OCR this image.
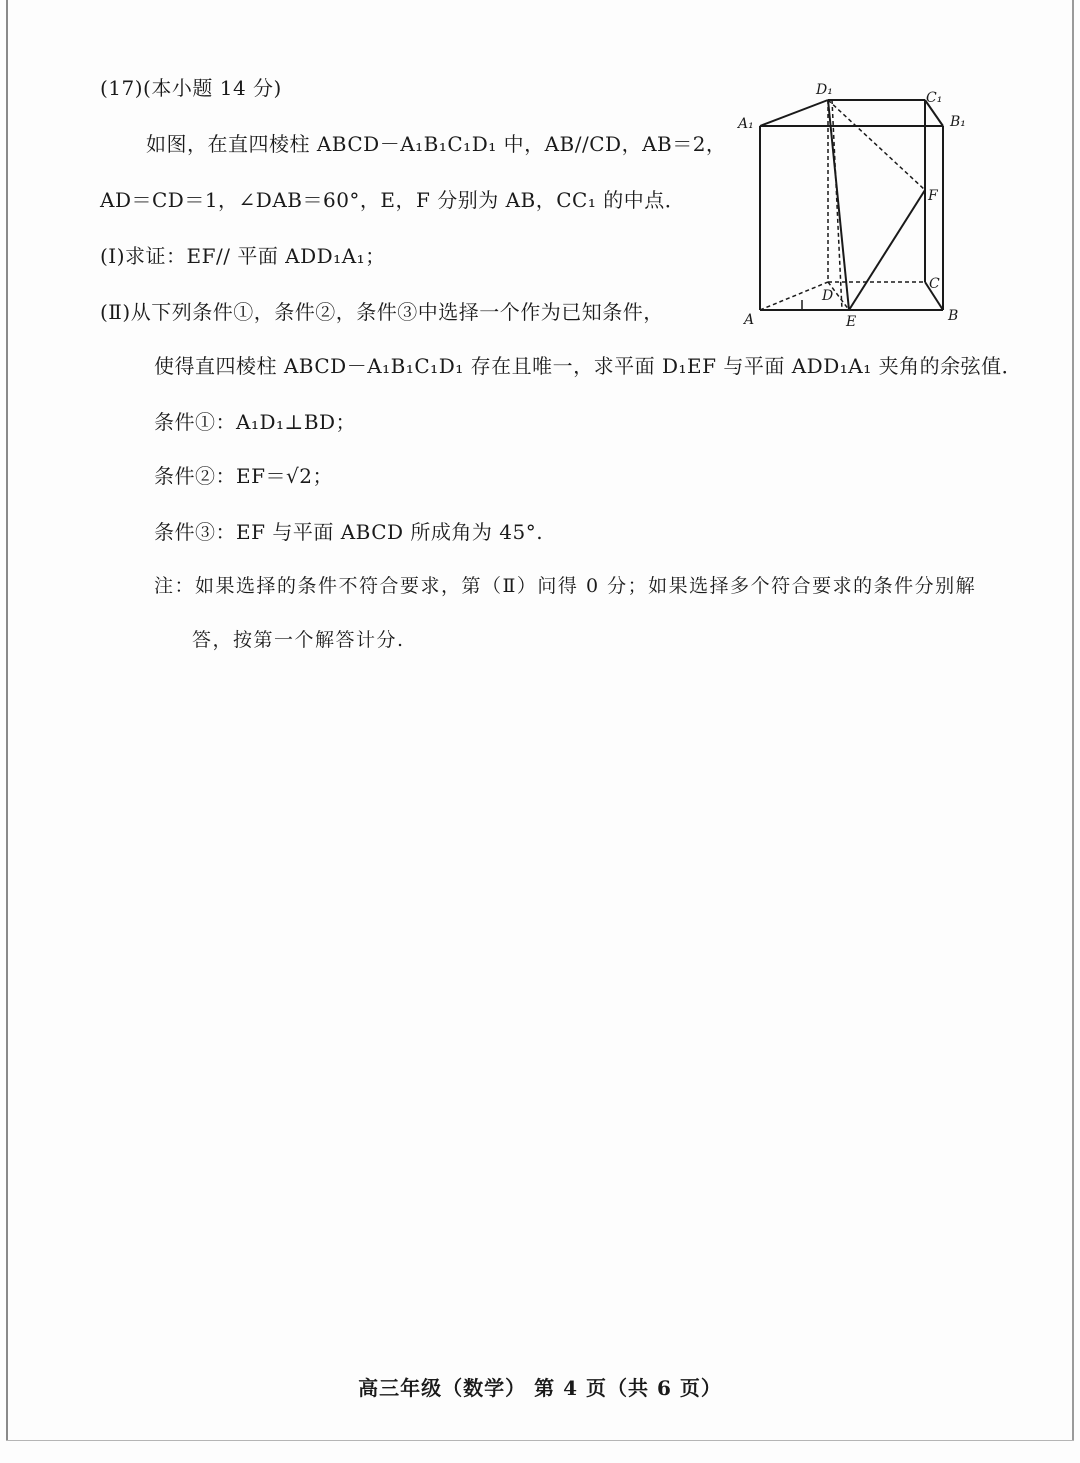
(17)(本小题 14 分)
如图，在直四棱柱 ABCD－A₁B₁C₁D₁ 中，AB//CD，AB＝2，
AD＝CD＝1，∠DAB＝60°，E，F 分别为 AB，CC₁ 的中点．
(Ⅰ)求证：EF// 平面 ADD₁A₁；
(Ⅱ)从下列条件①，条件②，条件③中选择一个作为已知条件，
使得直四棱柱 ABCD－A₁B₁C₁D₁ 存在且唯一，求平面 D₁EF 与平面 ADD₁A₁ 夹角的余弦值．
条件①：A₁D₁⊥BD；
条件②：EF＝√2；
条件③：EF 与平面 ABCD 所成角为 45°.
注：如果选择的条件不符合要求，第（Ⅱ）问得 0 分；如果选择多个符合要求的条件分别解
答，按第一个解答计分.
D₁	C₁
A₁	B₁
F
C
D
A	E	B
高三年级（数学） 第 4 页（共 6 页）
